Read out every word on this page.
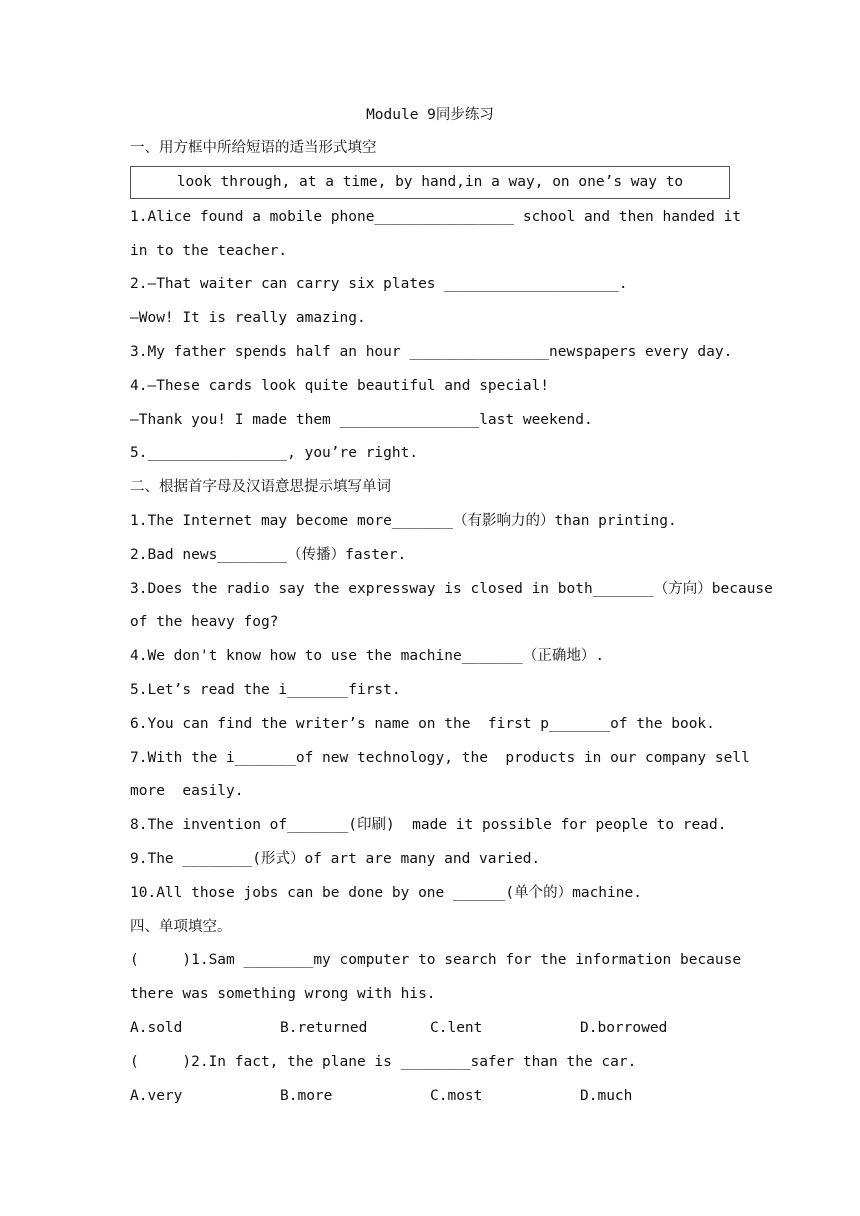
Module 9同步练习
一、用方框中所给短语的适当形式填空
look through, at a time, by hand,in a way, on one’s way to
1.Alice found a mobile phone________________ school and then handed it
in to the teacher.
2.—That waiter can carry six plates ____________________.
—Wow! It is really amazing.
3.My father spends half an hour ________________newspapers every day.
4.—These cards look quite beautiful and special!
—Thank you! I made them ________________last weekend.
5.________________, you’re right.
二、根据首字母及汉语意思提示填写单词
1.The Internet may become more_______（有影响力的）than printing.
2.Bad news________（传播）faster.
3.Does the radio say the expressway is closed in both_______（方向）because
of the heavy fog?
4.We don't know how to use the machine_______（正确地）.
5.Let’s read the i_______first.
6.You can find the writer’s name on the  first p_______of the book.
7.With the i_______of new technology, the  products in our company sell
more  easily.
8.The invention of_______(印刷)  made it possible for people to read.
9.The ________(形式）of art are many and varied.
10.All those jobs can be done by one ______(单个的）machine.
四、单项填空。
(     )1.Sam ________my computer to search for the information because
there was something wrong with his.
A.sold	B.returned	C.lent	D.borrowed
(     )2.In fact, the plane is ________safer than the car.
A.very	B.more	C.most	D.much
